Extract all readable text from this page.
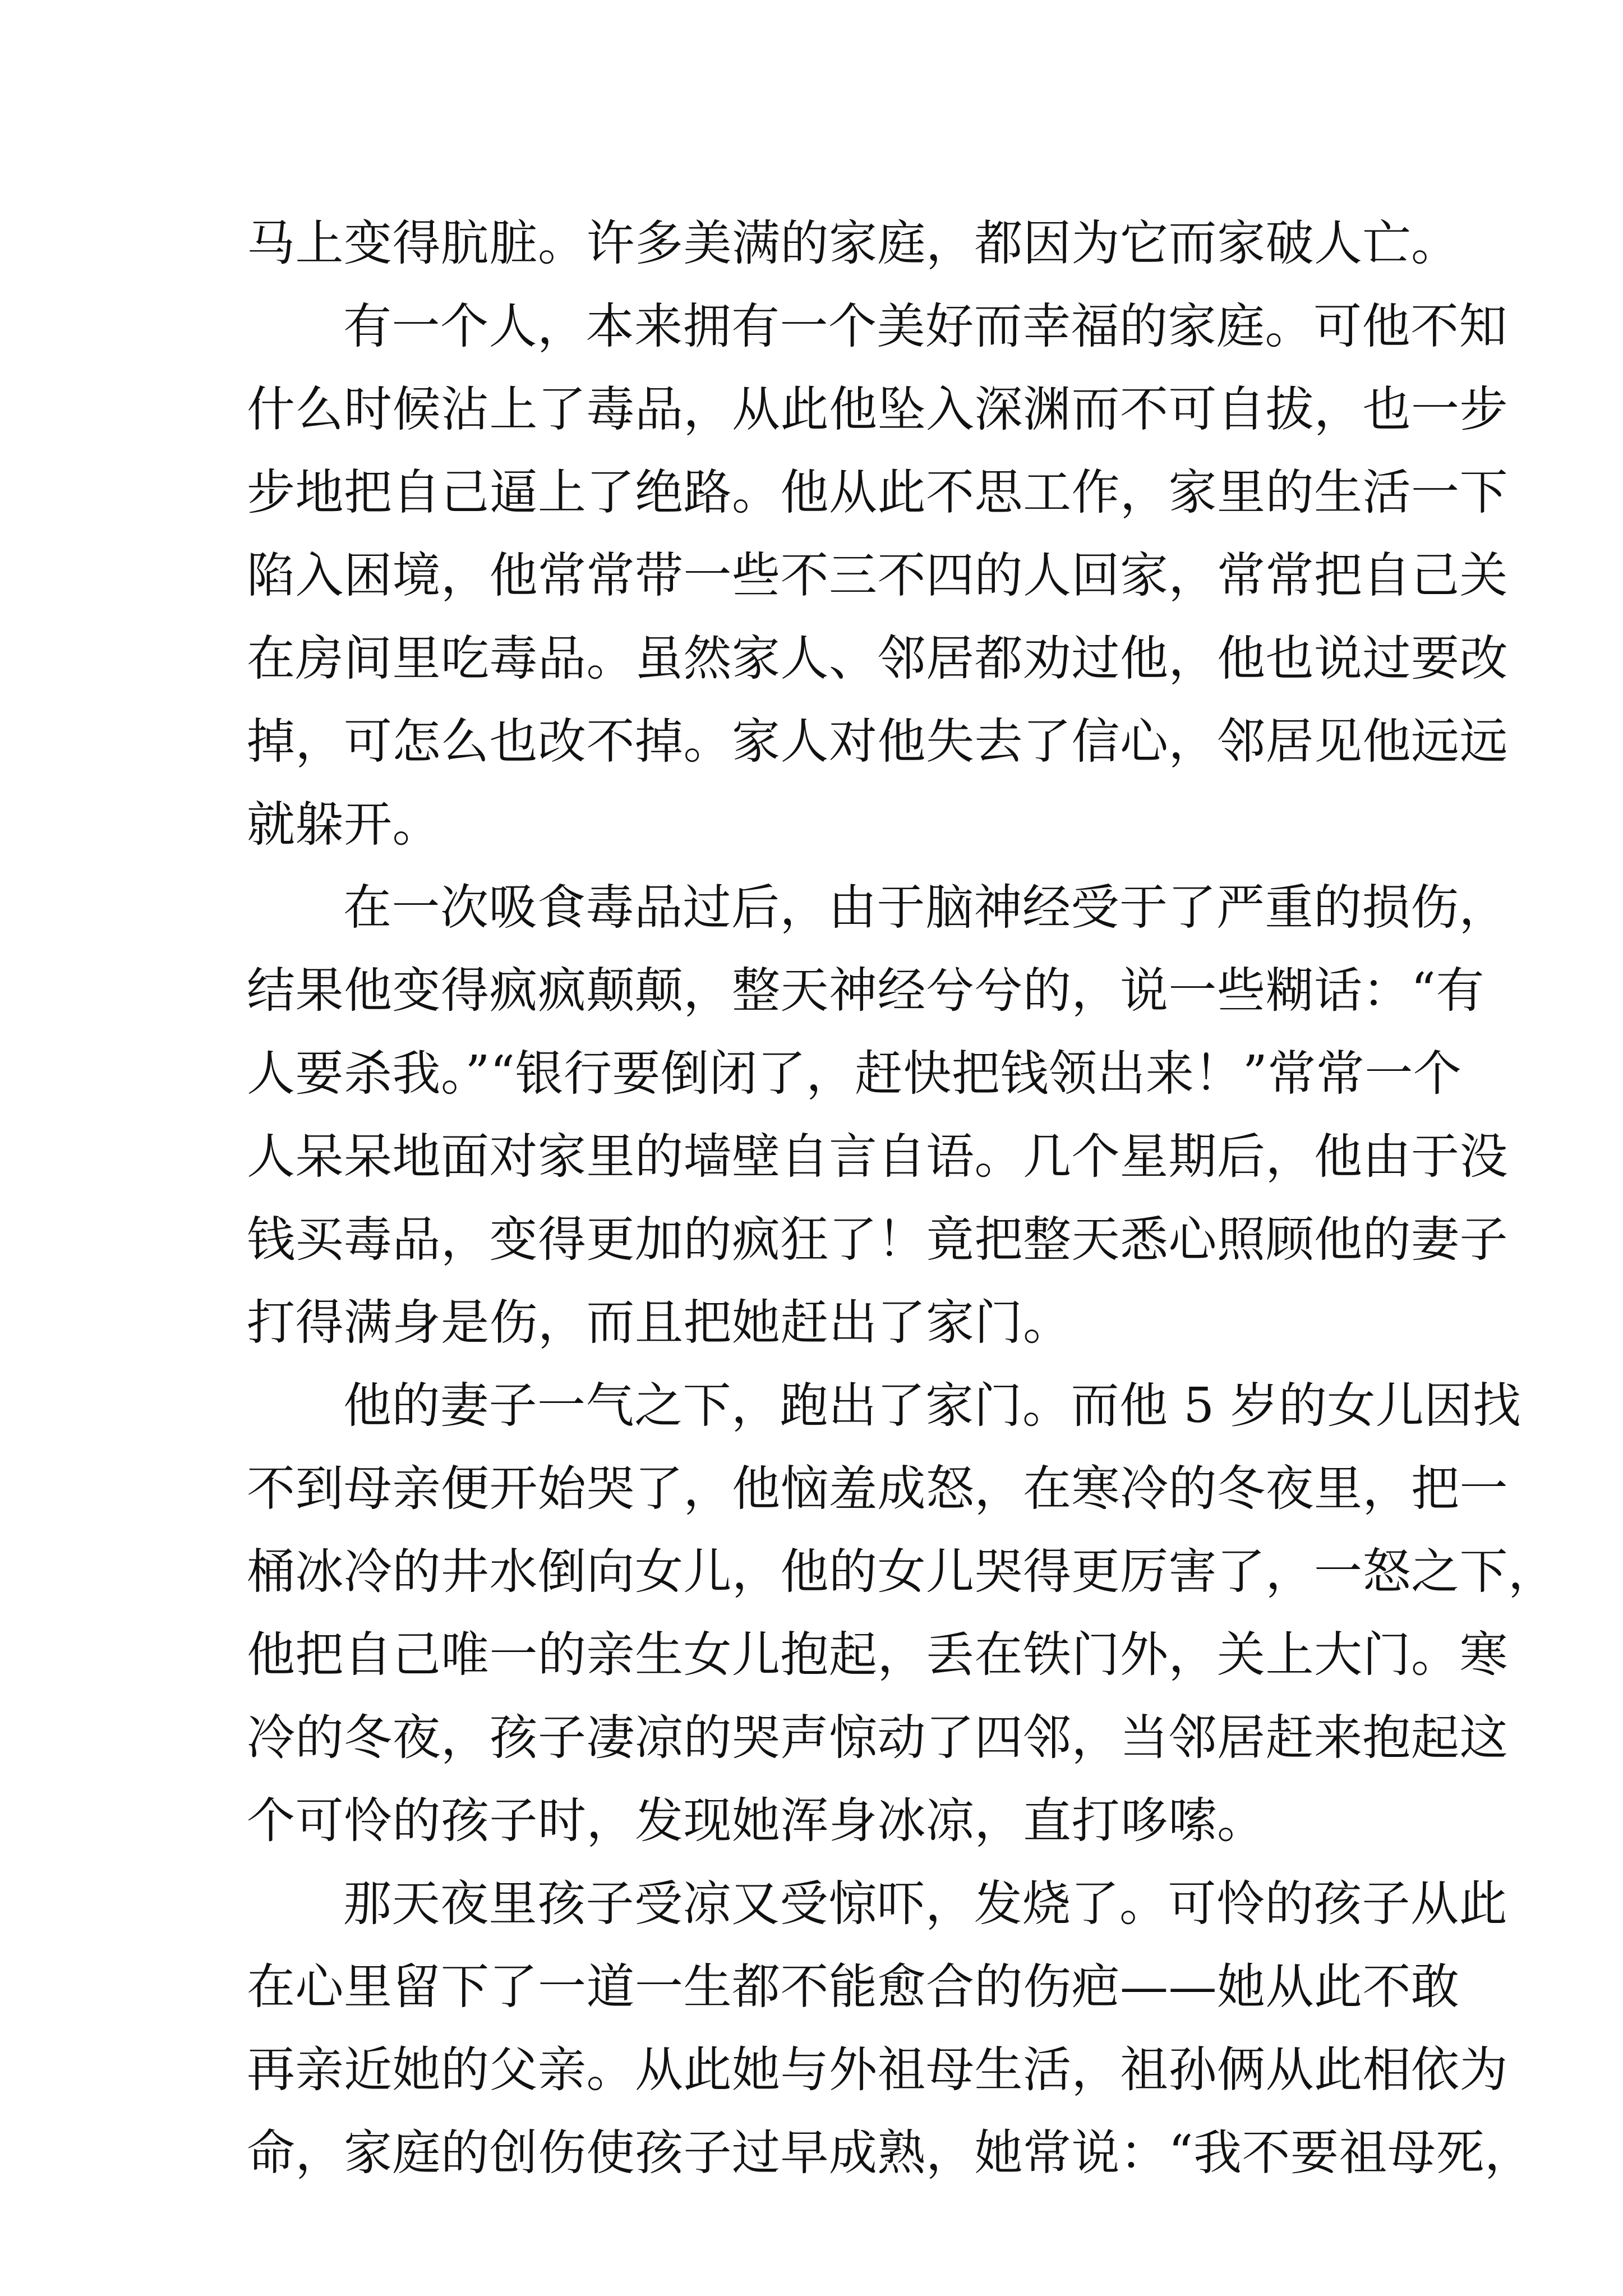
马上变得肮脏。许多美满的家庭，都因为它而家破人亡。
有一个人，本来拥有一个美好而幸福的家庭。可他不知
什么时候沾上了毒品，从此他坠入深渊而不可自拔，也一步
步地把自己逼上了绝路。他从此不思工作，家里的生活一下
陷入困境，他常常带一些不三不四的人回家，常常把自己关
在房间里吃毒品。虽然家人、邻居都劝过他，他也说过要改
掉，可怎么也改不掉。家人对他失去了信心，邻居见他远远
就躲开。
在一次吸食毒品过后，由于脑神经受于了严重的损伤，
结果他变得疯疯颠颠，整天神经兮兮的，说一些糊话：“有
人要杀我。”“银行要倒闭了，赶快把钱领出来！”常常一个
人呆呆地面对家里的墙壁自言自语。几个星期后，他由于没
钱买毒品，变得更加的疯狂了！竟把整天悉心照顾他的妻子
打得满身是伤，而且把她赶出了家门。
他的妻子一气之下，跑出了家门。而他 5 岁的女儿因找
不到母亲便开始哭了，他恼羞成怒，在寒冷的冬夜里，把一
桶冰冷的井水倒向女儿，他的女儿哭得更厉害了，一怒之下，
他把自己唯一的亲生女儿抱起，丢在铁门外，关上大门。寒
冷的冬夜，孩子凄凉的哭声惊动了四邻，当邻居赶来抱起这
个可怜的孩子时，发现她浑身冰凉，直打哆嗦。
那天夜里孩子受凉又受惊吓，发烧了。可怜的孩子从此
在心里留下了一道一生都不能愈合的伤疤——她从此不敢
再亲近她的父亲。从此她与外祖母生活，祖孙俩从此相依为
命，家庭的创伤使孩子过早成熟，她常说：“我不要祖母死，
